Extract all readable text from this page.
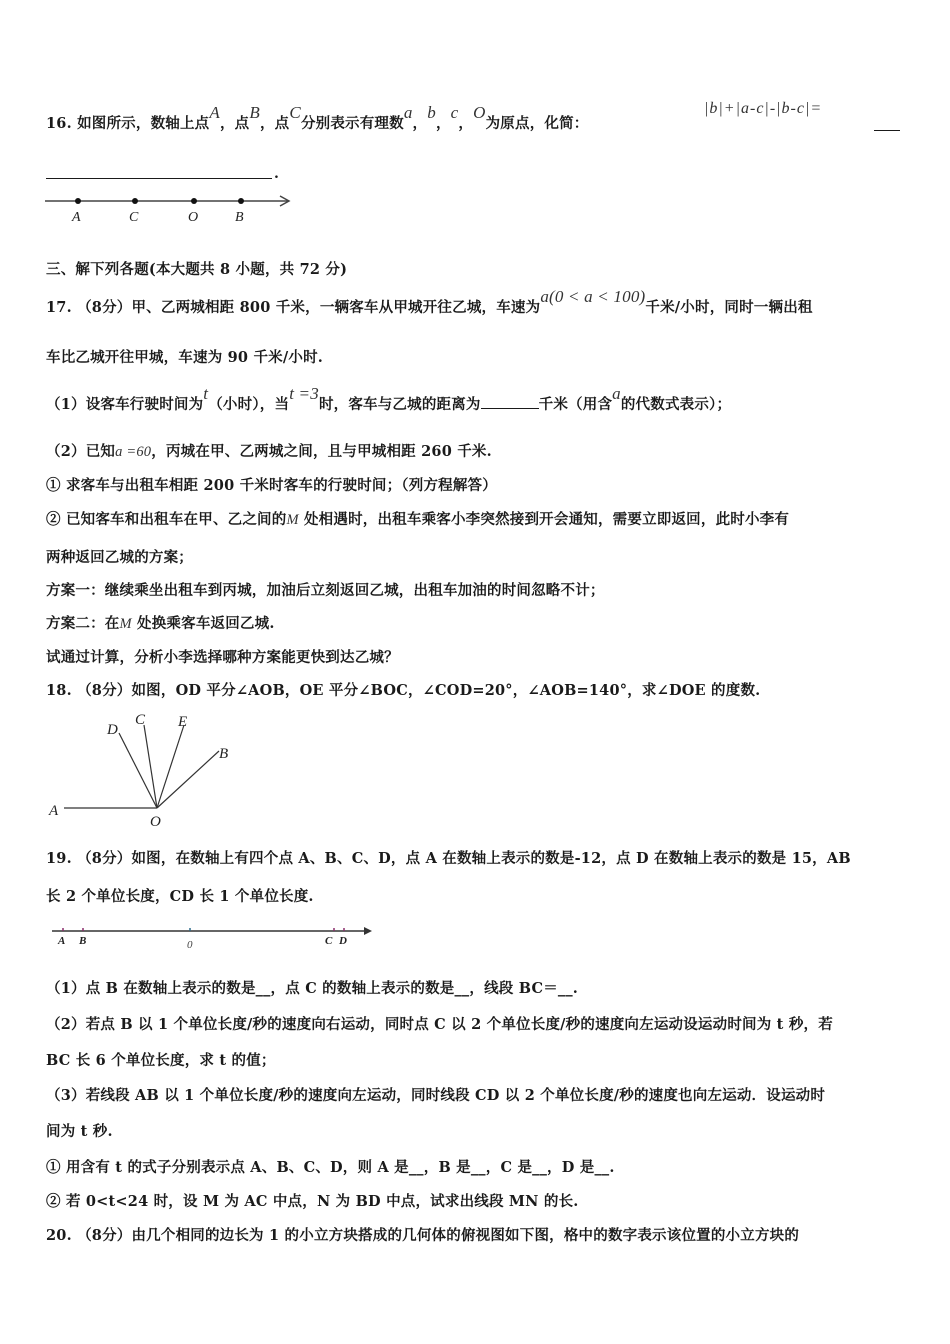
16. 如图所示，数轴上点A，点B，点C分别表示有理数a，b，c，O为原点，化简：
|b|+|a-c|-|b-c|=
.
A	C	O	B
三、解下列各题(本大题共 8 小题，共 72 分)
17. （8分）甲、乙两城相距 800 千米，一辆客车从甲城开往乙城，车速为a(0 < a < 100)千米/小时，同时一辆出租
车比乙城开往甲城，车速为 90 千米/小时.
（1）设客车行驶时间为t（小时），当t =3时，客车与乙城的距离为	千米（用含a的代数式表示）；
（2）已知a =60，丙城在甲、乙两城之间，且与甲城相距 260 千米.
① 求客车与出租车相距 200 千米时客车的行驶时间；（列方程解答）
② 已知客车和出租车在甲、乙之间的M 处相遇时，出租车乘客小李突然接到开会通知，需要立即返回，此时小李有
两种返回乙城的方案；
方案一：继续乘坐出租车到丙城，加油后立刻返回乙城，出租车加油的时间忽略不计；
方案二：在M 处换乘客车返回乙城.
试通过计算，分析小李选择哪种方案能更快到达乙城？
18. （8分）如图，OD 平分∠AOB，OE 平分∠BOC，∠COD=20°，∠AOB=140°，求∠DOE 的度数.
D
C E
B
A
O
19. （8分）如图，在数轴上有四个点 A、B、C、D，点 A 在数轴上表示的数是-12，点 D 在数轴上表示的数是 15，AB
长 2 个单位长度，CD 长 1 个单位长度.
A B	0	C D
（1）点 B 在数轴上表示的数是__，点 C 的数轴上表示的数是__，线段 BC＝__.
（2）若点 B 以 1 个单位长度/秒的速度向右运动，同时点 C 以 2 个单位长度/秒的速度向左运动设运动时间为 t 秒，若
BC 长 6 个单位长度，求 t 的值；
（3）若线段 AB 以 1 个单位长度/秒的速度向左运动，同时线段 CD 以 2 个单位长度/秒的速度也向左运动．设运动时
间为 t 秒.
① 用含有 t 的式子分别表示点 A、B、C、D，则 A 是__，B 是__，C 是__，D 是__.
② 若 0<t<24 时，设 M 为 AC 中点，N 为 BD 中点，试求出线段 MN 的长.
20. （8分）由几个相同的边长为 1 的小立方块搭成的几何体的俯视图如下图，格中的数字表示该位置的小立方块的
